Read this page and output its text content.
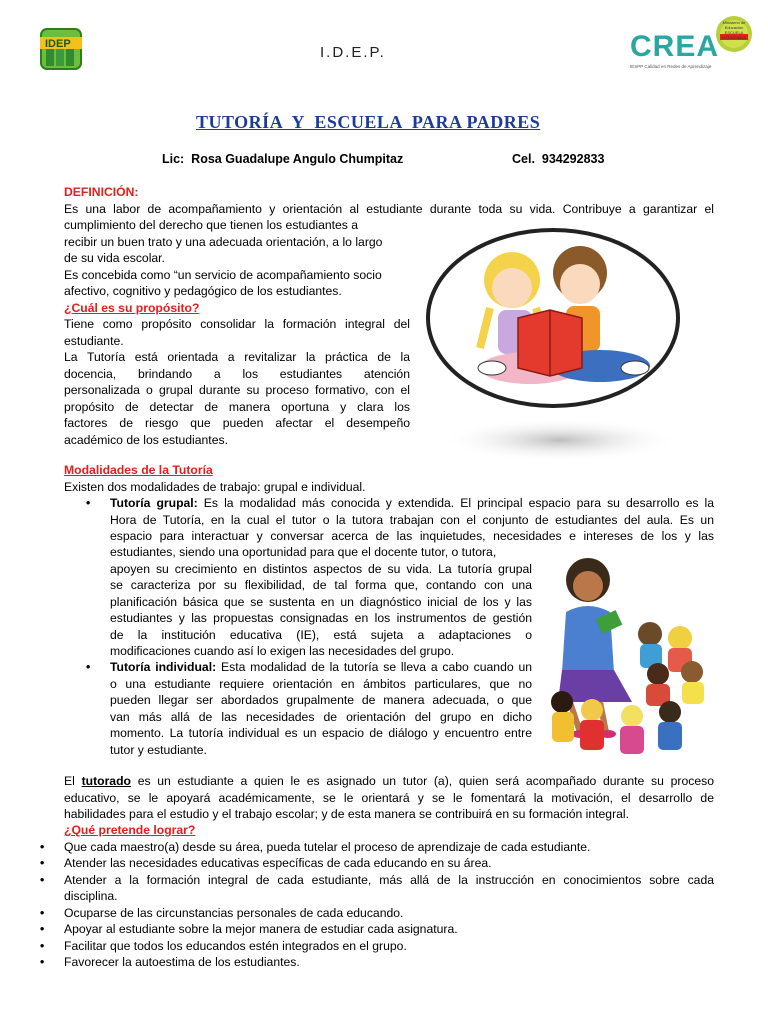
IDEP	I.D.E.P.	CREA
IESPP Calidad en Redes de Aprendizaje
Ministerio de Educación ESCUELA LICENCIADA
TUTORÍA  Y  ESCUELA  PARA PADRES
Lic:  Rosa Guadalupe Angulo Chumpitaz	Cel.  934292833
DEFINICIÓN:
Es una labor de acompañamiento y orientación al estudiante durante toda su vida. Contribuye a garantizar el
cumplimiento del derecho que tienen los estudiantes a
recibir un buen trato y una adecuada orientación, a lo largo
de su vida escolar.
Es concebida como “un servicio de acompañamiento socio
afectivo, cognitivo y pedagógico de los estudiantes.
¿Cuál es su propósito?
Tiene como propósito consolidar la formación integral del
estudiante.
La Tutoría está orientada a revitalizar la práctica de la
docencia, brindando a los estudiantes atención
personalizada o grupal durante su proceso formativo, con el
propósito de detectar de manera oportuna y clara los
factores de riesgo que pueden afectar el desempeño
académico de los estudiantes.
Modalidades de la Tutoría
Existen dos modalidades de trabajo: grupal e individual.
•	Tutoría grupal: Es la modalidad más conocida y extendida. El principal espacio para su desarrollo es la
Hora de Tutoría, en la cual el tutor o la tutora trabajan con el conjunto de estudiantes del aula. Es un
espacio para interactuar y conversar acerca de las inquietudes, necesidades e intereses de los y las
estudiantes, siendo una oportunidad para que el docente tutor, o tutora,
apoyen su crecimiento en distintos aspectos de su vida. La tutoría grupal
se caracteriza por su flexibilidad, de tal forma que, contando con una
planificación básica que se sustenta en un diagnóstico inicial de los y las
estudiantes y las propuestas consignadas en los instrumentos de gestión
de la institución educativa (IE), está sujeta a adaptaciones o
modificaciones cuando así lo exigen las necesidades del grupo.
•	Tutoría individual: Esta modalidad de la tutoría se lleva a cabo cuando un
o una estudiante requiere orientación en ámbitos particulares, que no
pueden llegar ser abordados grupalmente de manera adecuada, o que
van más allá de las necesidades de orientación del grupo en dicho
momento. La tutoría individual es un espacio de diálogo y encuentro entre
tutor y estudiante.
El tutorado es un estudiante a quien le es asignado un tutor (a), quien será acompañado durante su proceso
educativo, se le apoyará académicamente, se le orientará y se le fomentará la motivación, el desarrollo de
habilidades para el estudio y el trabajo escolar; y de esta manera se contribuirá en su formación integral.
¿Qué pretende lograr?
•	Que cada maestro(a) desde su área, pueda tutelar el proceso de aprendizaje de cada estudiante.
•	Atender las necesidades educativas específicas de cada educando en su área.
•	Atender a la formación integral de cada estudiante, más allá de la instrucción en conocimientos sobre cada
disciplina.
•	Ocuparse de las circunstancias personales de cada educando.
•	Apoyar al estudiante sobre la mejor manera de estudiar cada asignatura.
•	Facilitar que todos los educandos estén integrados en el grupo.
•	Favorecer la autoestima de los estudiantes.
